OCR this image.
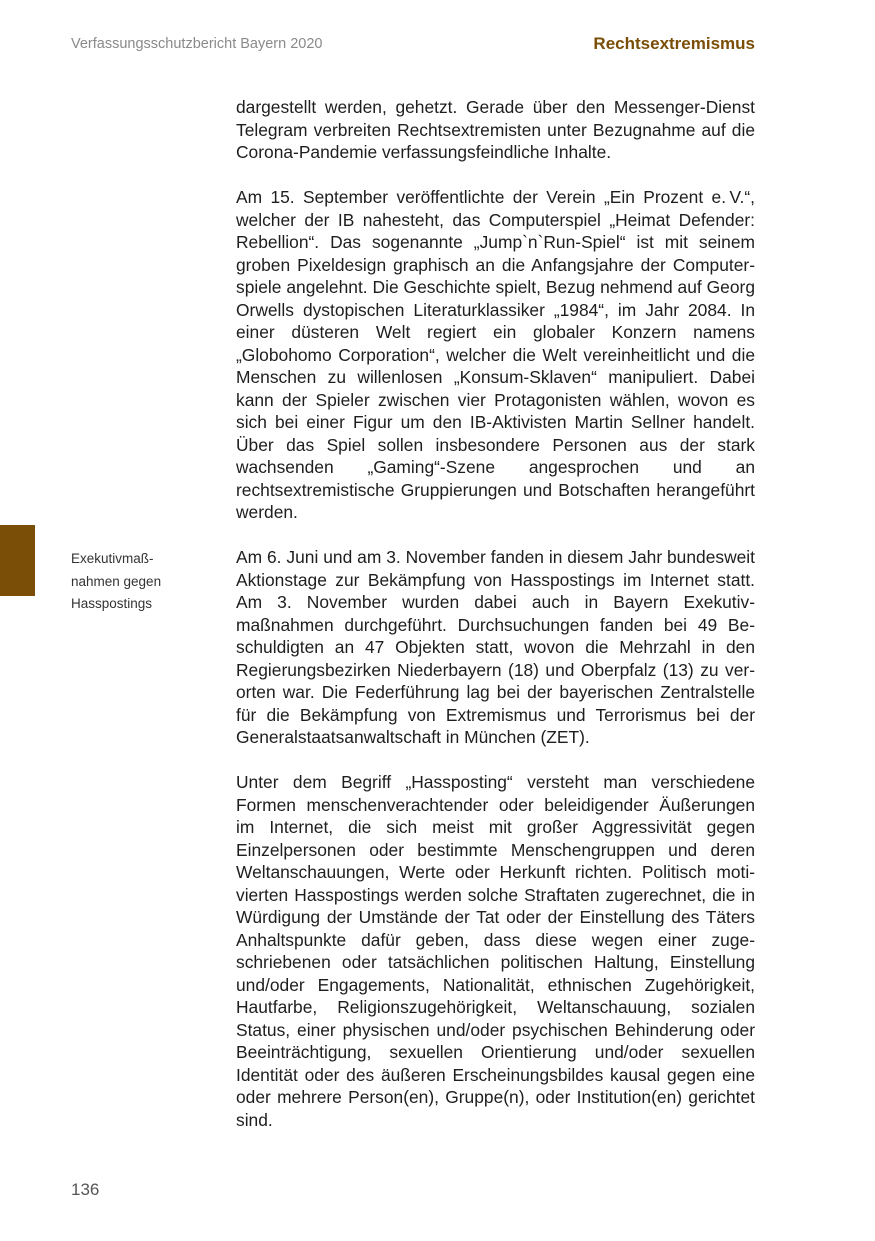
Verfassungsschutzbericht Bayern 2020	Rechtsextremismus
Exekutivmaß-
nahmen gegen
Hasspostings

dargestellt werden, gehetzt. Gerade über den Messenger-Dienst Telegram verbreiten Rechtsextremisten unter Bezugnahme auf die Corona-Pandemie verfassungsfeindliche Inhalte.

Am 15. September veröffentlichte der Verein „Ein Prozent e. V.“, welcher der IB nahesteht, das Computerspiel „Heimat Defender: Rebellion“. Das sogenannte „Jump`n`Run-Spiel“ ist mit seinem groben Pixeldesign graphisch an die Anfangsjahre der Computerspiele angelehnt. Die Geschichte spielt, Bezug nehmend auf Georg Orwells dystopischen Literaturklassiker „1984“, im Jahr 2084. In einer düsteren Welt regiert ein globaler Konzern namens „Globohomo Corporation“, welcher die Welt vereinheitlicht und die Menschen zu willenlosen „Konsum-Sklaven“ manipuliert. Dabei kann der Spieler zwischen vier Protagonisten wählen, wovon es sich bei einer Figur um den IB-Aktivisten Martin Sellner handelt. Über das Spiel sollen insbesondere Personen aus der stark wachsenden „Gaming“-Szene angesprochen und an rechtsextremistische Gruppierungen und Botschaften herangeführt werden.

Am 6. Juni und am 3. November fanden in diesem Jahr bundesweit Aktionstage zur Bekämpfung von Hasspostings im Internet statt. Am 3. November wurden dabei auch in Bayern Exekutivmaßnahmen durchgeführt. Durchsuchungen fanden bei 49 Beschuldigten an 47 Objekten statt, wovon die Mehrzahl in den Regierungsbezirken Niederbayern (18) und Oberpfalz (13) zu verorten war. Die Federführung lag bei der bayerischen Zentralstelle für die Bekämpfung von Extremismus und Terrorismus bei der Generalstaatsanwaltschaft in München (ZET).

Unter dem Begriff „Hassposting“ versteht man verschiedene Formen menschenverachtender oder beleidigender Äußerungen im Internet, die sich meist mit großer Aggressivität gegen Einzelpersonen oder bestimmte Menschengruppen und deren Weltanschauungen, Werte oder Herkunft richten. Politisch motivierten Hasspostings werden solche Straftaten zugerechnet, die in Würdigung der Umstände der Tat oder der Einstellung des Täters Anhaltspunkte dafür geben, dass diese wegen einer zugeschriebenen oder tatsächlichen politischen Haltung, Einstellung und/oder Engagements, Nationalität, ethnischen Zugehörigkeit, Hautfarbe, Religionszugehörigkeit, Weltanschauung, sozialen Status, einer physischen und/oder psychischen Behinderung oder Beeinträchtigung, sexuellen Orientierung und/oder sexuellen Identität oder des äußeren Erscheinungsbildes kausal gegen eine oder mehrere Person(en), Gruppe(n), oder Institution(en) gerichtet sind.

136
